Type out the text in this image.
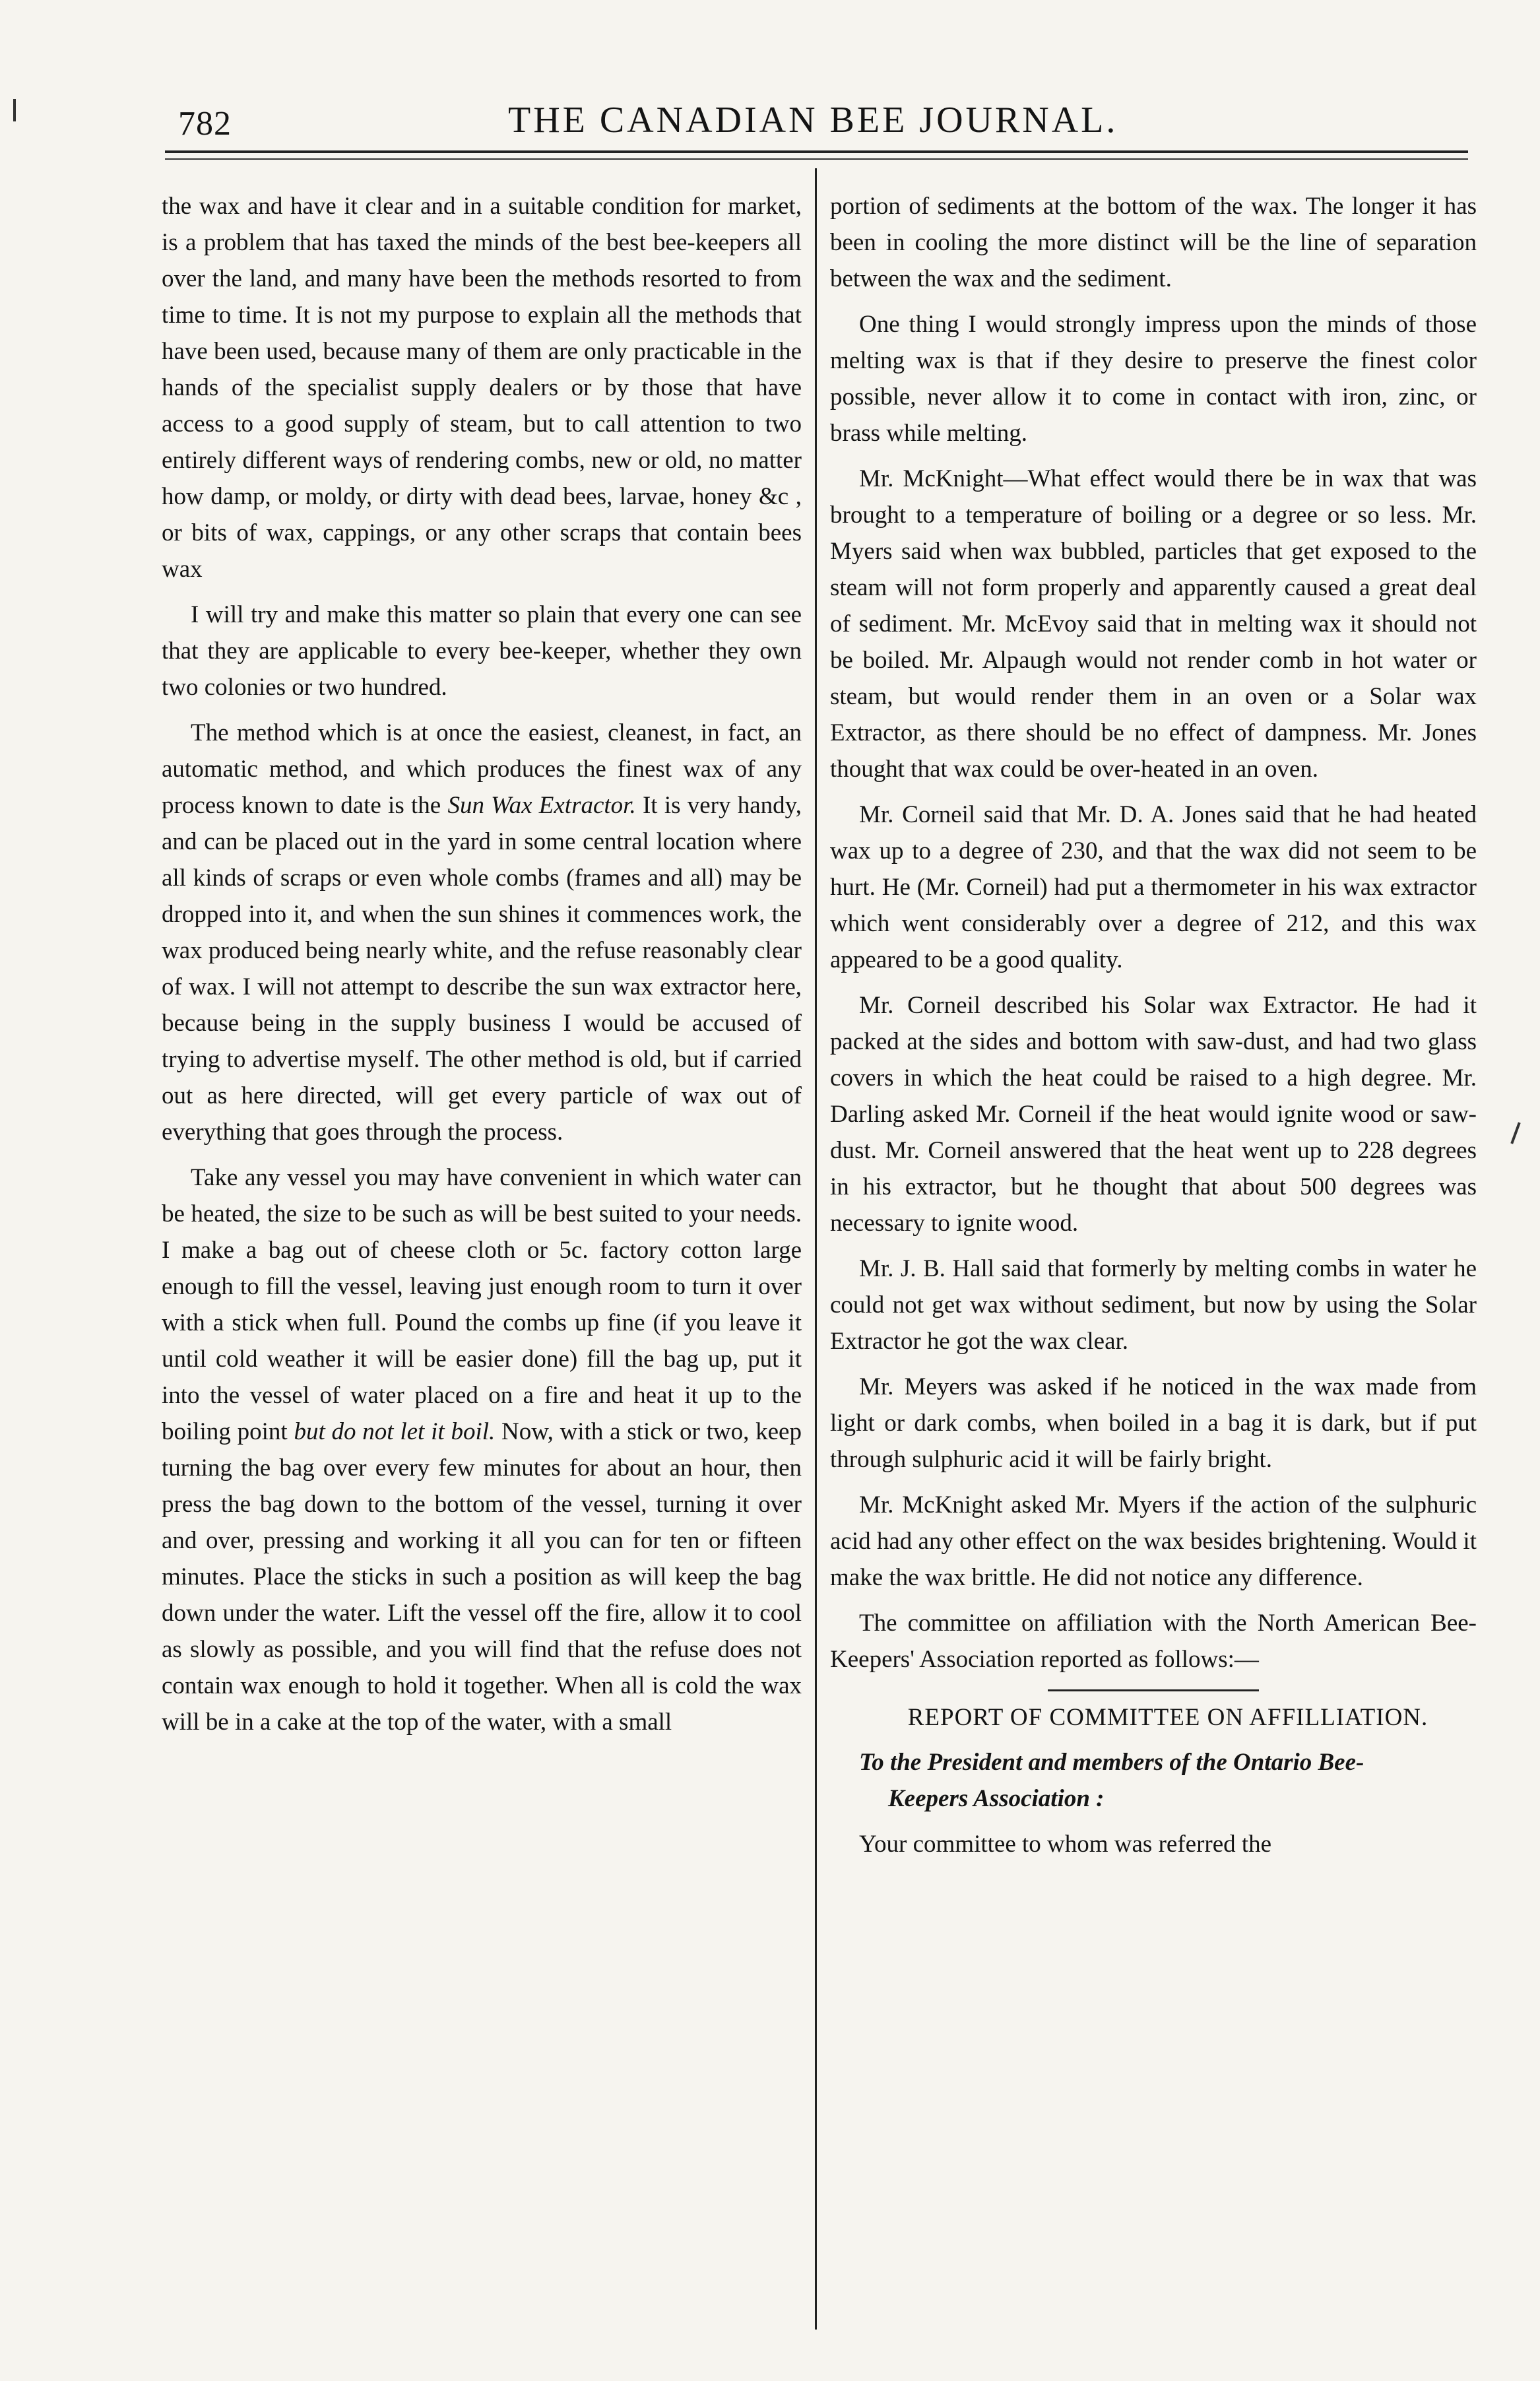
782	THE CANADIAN BEE JOURNAL.

the wax and have it clear and in a suitable condition for market, is a problem that has taxed the minds of the best bee-keepers all over the land, and many have been the methods resorted to from time to time. It is not my purpose to explain all the methods that have been used, because many of them are only practicable in the hands of the specialist supply dealers or by those that have access to a good supply of steam, but to call attention to two entirely different ways of rendering combs, new or old, no matter how damp, or moldy, or dirty with dead bees, larvae, honey &c , or bits of wax, cappings, or any other scraps that contain bees wax

I will try and make this matter so plain that every one can see that they are applicable to every bee-keeper, whether they own two colonies or two hundred.

The method which is at once the easiest, cleanest, in fact, an automatic method, and which produces the finest wax of any process known to date is the Sun Wax Extractor. It is very handy, and can be placed out in the yard in some central location where all kinds of scraps or even whole combs (frames and all) may be dropped into it, and when the sun shines it commences work, the wax produced being nearly white, and the refuse reasonably clear of wax. I will not attempt to describe the sun wax extractor here, because being in the supply business I would be accused of trying to advertise myself. The other method is old, but if carried out as here directed, will get every particle of wax out of everything that goes through the process.

Take any vessel you may have convenient in which water can be heated, the size to be such as will be best suited to your needs. I make a bag out of cheese cloth or 5c. factory cotton large enough to fill the vessel, leaving just enough room to turn it over with a stick when full. Pound the combs up fine (if you leave it until cold weather it will be easier done) fill the bag up, put it into the vessel of water placed on a fire and heat it up to the boiling point but do not let it boil. Now, with a stick or two, keep turning the bag over every few minutes for about an hour, then press the bag down to the bottom of the vessel, turning it over and over, pressing and working it all you can for ten or fifteen minutes. Place the sticks in such a position as will keep the bag down under the water. Lift the vessel off the fire, allow it to cool as slowly as possible, and you will find that the refuse does not contain wax enough to hold it together. When all is cold the wax will be in a cake at the top of the water, with a small

portion of sediments at the bottom of the wax. The longer it has been in cooling the more distinct will be the line of separation between the wax and the sediment.

One thing I would strongly impress upon the minds of those melting wax is that if they desire to preserve the finest color possible, never allow it to come in contact with iron, zinc, or brass while melting.

Mr. McKnight—What effect would there be in wax that was brought to a temperature of boiling or a degree or so less. Mr. Myers said when wax bubbled, particles that get exposed to the steam will not form properly and apparently caused a great deal of sediment. Mr. McEvoy said that in melting wax it should not be boiled. Mr. Alpaugh would not render comb in hot water or steam, but would render them in an oven or a Solar wax Extractor, as there should be no effect of dampness. Mr. Jones thought that wax could be over-heated in an oven.

Mr. Corneil said that Mr. D. A. Jones said that he had heated wax up to a degree of 230, and that the wax did not seem to be hurt. He (Mr. Corneil) had put a thermometer in his wax extractor which went considerably over a degree of 212, and this wax appeared to be a good quality.

Mr. Corneil described his Solar wax Extractor. He had it packed at the sides and bottom with saw-dust, and had two glass covers in which the heat could be raised to a high degree. Mr. Darling asked Mr. Corneil if the heat would ignite wood or saw-dust. Mr. Corneil answered that the heat went up to 228 degrees in his extractor, but he thought that about 500 degrees was necessary to ignite wood.

Mr. J. B. Hall said that formerly by melting combs in water he could not get wax without sediment, but now by using the Solar Extractor he got the wax clear.

Mr. Meyers was asked if he noticed in the wax made from light or dark combs, when boiled in a bag it is dark, but if put through sulphuric acid it will be fairly bright.

Mr. McKnight asked Mr. Myers if the action of the sulphuric acid had any other effect on the wax besides brightening. Would it make the wax brittle. He did not notice any difference.

The committee on affiliation with the North American Bee-Keepers' Association reported as follows:—

REPORT OF COMMITTEE ON AFFILLIATION.

To the President and members of the Ontario Bee-
Keepers Association :

Your committee to whom was referred the
